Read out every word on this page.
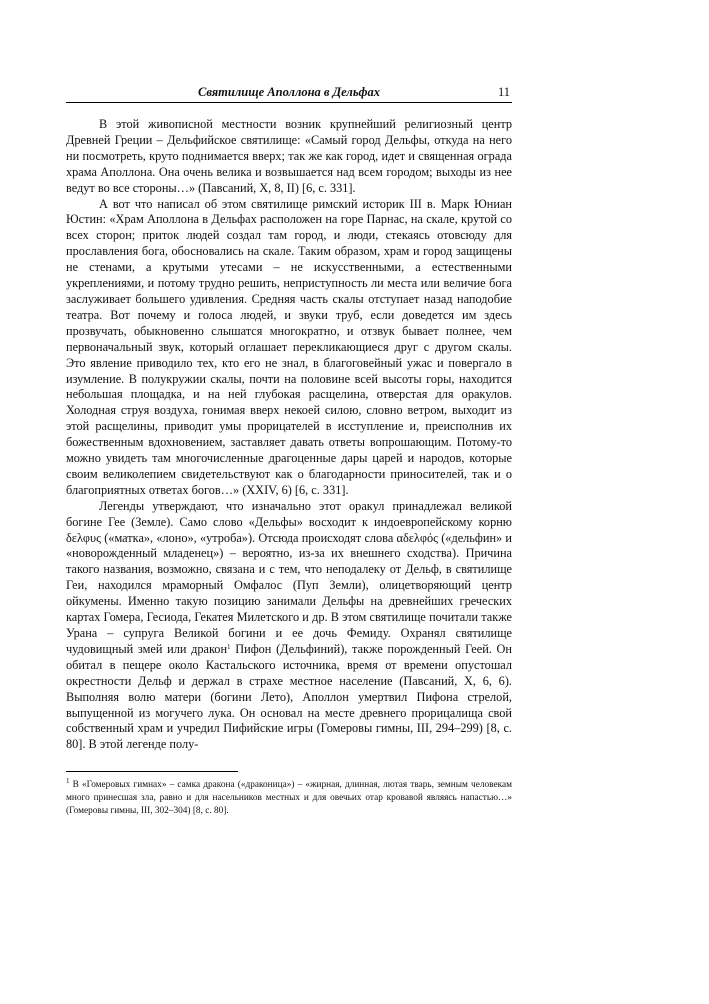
Святилище Аполлона в Дельфах	11

В этой живописной местности возник крупнейший религиозный центр Древней Греции – Дельфийское святилище: «Самый город Дельфы, откуда на него ни посмотреть, круто поднимается вверх; так же как город, идет и священная ограда храма Аполлона. Она очень велика и возвышается над всем городом; выходы из нее ведут во все стороны…» (Павсаний, X, 8, II) [6, с. 331].

А вот что написал об этом святилище римский историк III в. Марк Юниан Юстин: «Храм Аполлона в Дельфах расположен на горе Парнас, на скале, крутой со всех сторон; приток людей создал там город, и люди, стекаясь отовсюду для прославления бога, обосновались на скале. Таким образом, храм и город защищены не стенами, а крутыми утесами – не искусственными, а естественными укреплениями, и потому трудно решить, неприступность ли места или величие бога заслуживает большего удивления. Средняя часть скалы отступает назад наподобие театра. Вот почему и голоса людей, и звуки труб, если доведется им здесь прозвучать, обыкновенно слышатся многократно, и отзвук бывает полнее, чем первоначальный звук, который оглашает перекликающиеся друг с другом скалы. Это явление приводило тех, кто его не знал, в благоговейный ужас и повергало в изумление. В полукружии скалы, почти на половине всей высоты горы, находится небольшая площадка, и на ней глубокая расщелина, отверстая для оракулов. Холодная струя воздуха, гонимая вверх некоей силою, словно ветром, выходит из этой расщелины, приводит умы прорицателей в исступление и, преисполнив их божественным вдохновением, заставляет давать ответы вопрошающим. Потому-то можно увидеть там многочисленные драгоценные дары царей и народов, которые своим великолепием свидетельствуют как о благодарности приносителей, так и о благоприятных ответах богов…» (XXIV, 6) [6, с. 331].

Легенды утверждают, что изначально этот оракул принадлежал великой богине Гее (Земле). Само слово «Дельфы» восходит к индоевропейскому корню δελφυς («матка», «лоно», «утроба»). Отсюда происходят слова αδελφός («дельфин» и «новорожденный младенец») – вероятно, из-за их внешнего сходства). Причина такого названия, возможно, связана и с тем, что неподалеку от Дельф, в святилище Геи, находился мраморный Омфалос (Пуп Земли), олицетворяющий центр ойкумены. Именно такую позицию занимали Дельфы на древнейших греческих картах Гомера, Гесиода, Гекатея Милетского и др. В этом святилище почитали также Урана – супруга Великой богини и ее дочь Фемиду. Охранял святилище чудовищный змей или дракон$^1$ Пифон (Дельфиний), также порожденный Геей. Он обитал в пещере около Кастальского источника, время от времени опустошал окрестности Дельф и держал в страхе местное население (Павсаний, X, 6, 6). Выполняя волю матери (богини Лето), Аполлон умертвил Пифона стрелой, выпущенной из могучего лука. Он основал на месте древнего прорицалища свой собственный храм и учредил Пифийские игры (Гомеровы гимны, III, 294–299) [8, с. 80]. В этой легенде полу-

$^1$ В «Гомеровых гимнах» – самка дракона («драконица») – «жирная, длинная, лютая тварь, земным человекам много принесшая зла, равно и для насельников местных и для овечьих отар кровавой являясь напастью…» (Гомеровы гимны, III, 302–304) [8, с. 80].
